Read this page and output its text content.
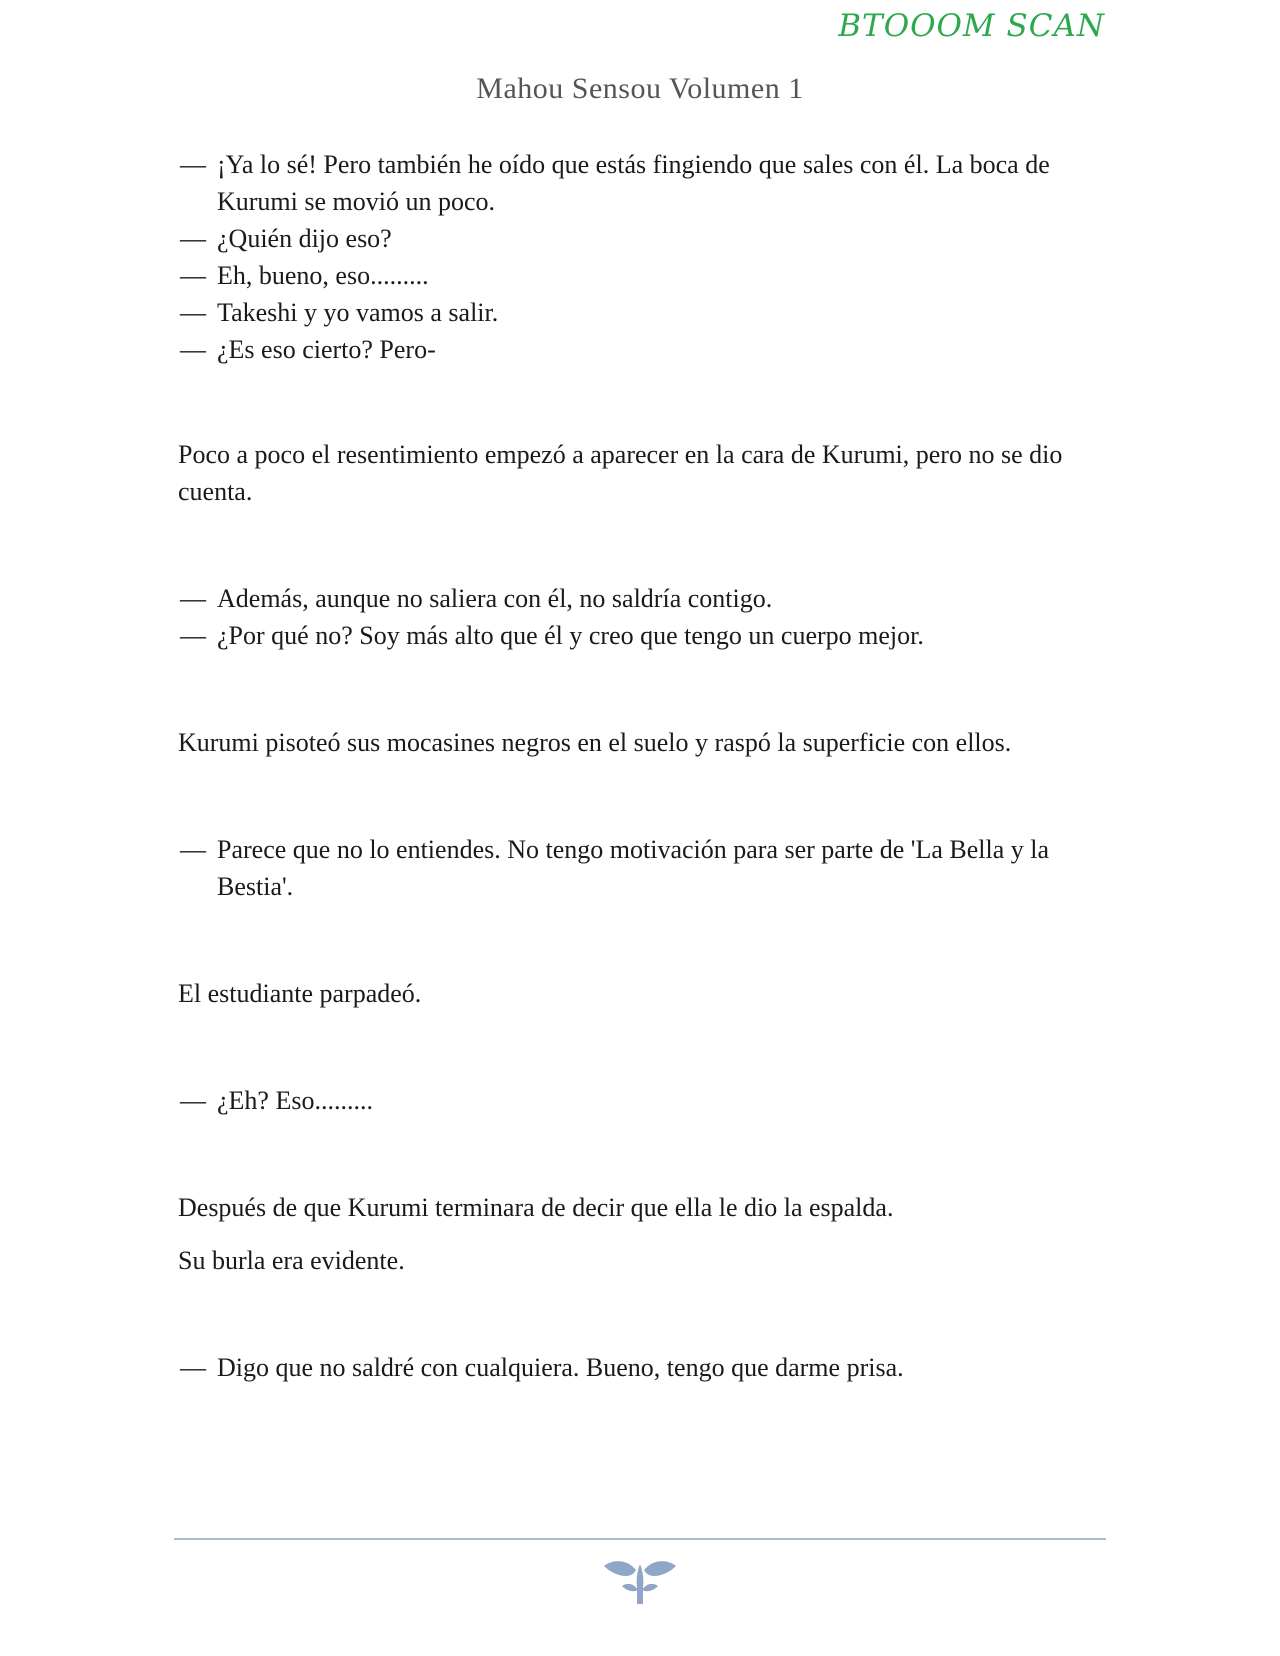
BTOOOM SCAN
Mahou Sensou Volumen 1
— ¡Ya lo sé! Pero también he oído que estás fingiendo que sales con él. La boca de Kurumi se movió un poco.
— ¿Quién dijo eso?
— Eh, bueno, eso.........
— Takeshi y yo vamos a salir.
— ¿Es eso cierto? Pero-

Poco a poco el resentimiento empezó a aparecer en la cara de Kurumi, pero no se dio cuenta.

— Además, aunque no saliera con él, no saldría contigo.
— ¿Por qué no? Soy más alto que él y creo que tengo un cuerpo mejor.

Kurumi pisoteó sus mocasines negros en el suelo y raspó la superficie con ellos.

— Parece que no lo entiendes. No tengo motivación para ser parte de 'La Bella y la Bestia'.

El estudiante parpadeó.

— ¿Eh? Eso.........

Después de que Kurumi terminara de decir que ella le dio la espalda.

Su burla era evidente.

— Digo que no saldré con cualquiera. Bueno, tengo que darme prisa.
